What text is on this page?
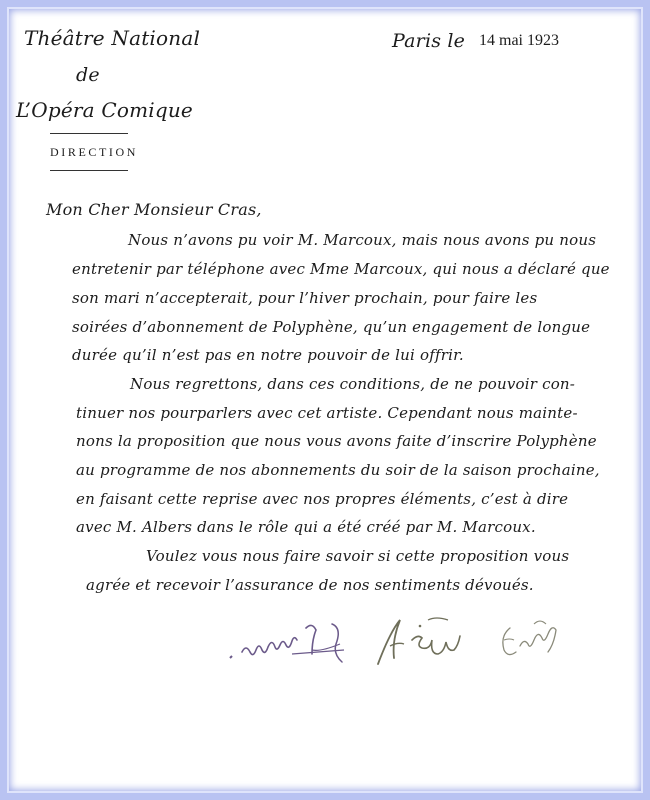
Théâtre National
de
L’Opéra Comique
DIRECTION
Paris le 14 mai 1923
Mon Cher Monsieur Cras,
Nous n’avons pu voir M. Marcoux, mais nous avons pu nous
entretenir par téléphone avec Mme Marcoux, qui nous a déclaré que
son mari n’accepterait, pour l’hiver prochain, pour faire les
soirées d’abonnement de Polyphène, qu’un engagement de longue
durée qu’il n’est pas en notre pouvoir de lui offrir.
Nous regrettons, dans ces conditions, de ne pouvoir con-
tinuer nos pourparlers avec cet artiste. Cependant nous mainte-
nons la proposition que nous vous avons faite d’inscrire Polyphène
au programme de nos abonnements du soir de la saison prochaine,
en faisant cette reprise avec nos propres éléments, c’est à dire
avec M. Albers dans le rôle qui a été créé par M. Marcoux.
Voulez vous nous faire savoir si cette proposition vous
agrée et recevoir l’assurance de nos sentiments dévoués.
